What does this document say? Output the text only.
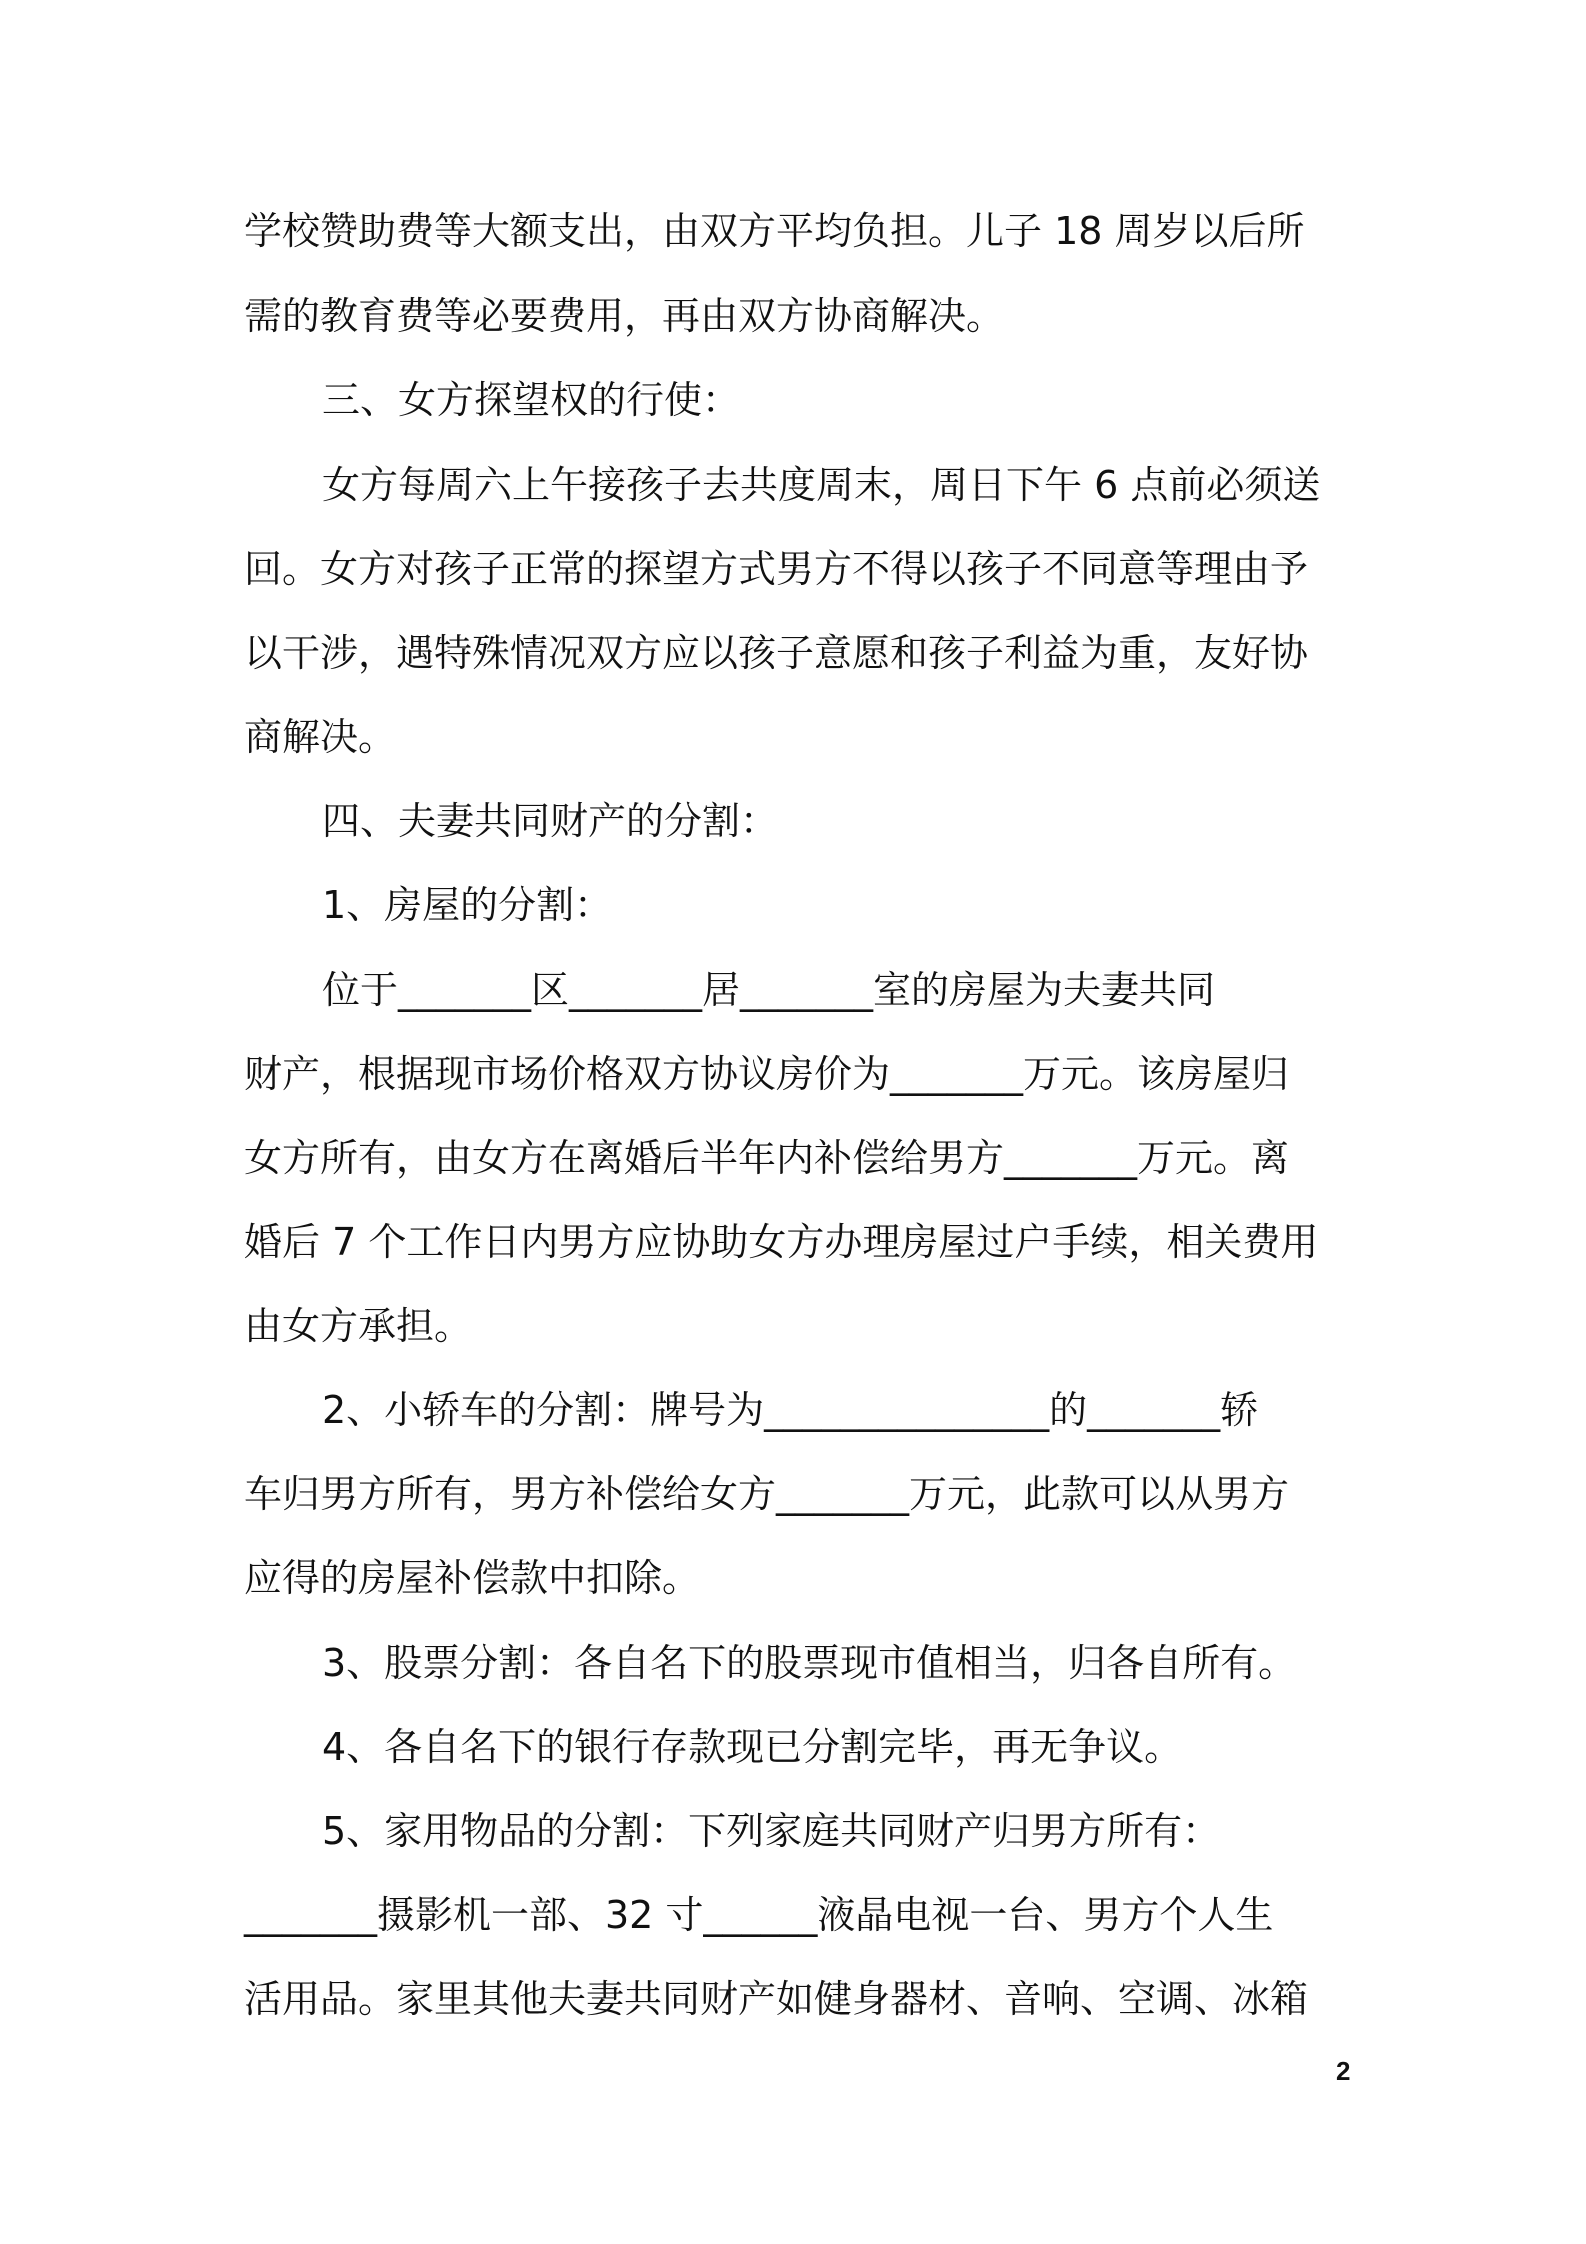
学校赞助费等大额支出，由双方平均负担。儿子 18 周岁以后所
需的教育费等必要费用，再由双方协商解决。
三、女方探望权的行使：
女方每周六上午接孩子去共度周末，周日下午 6 点前必须送
回。女方对孩子正常的探望方式男方不得以孩子不同意等理由予
以干涉，遇特殊情况双方应以孩子意愿和孩子利益为重，友好协
商解决。
四、夫妻共同财产的分割：
1、房屋的分割：
位于_______区_______居_______室的房屋为夫妻共同
财产，根据现市场价格双方协议房价为_______万元。该房屋归
女方所有，由女方在离婚后半年内补偿给男方_______万元。离
婚后 7 个工作日内男方应协助女方办理房屋过户手续，相关费用
由女方承担。
2、小轿车的分割：牌号为_______________的_______轿
车归男方所有，男方补偿给女方_______万元，此款可以从男方
应得的房屋补偿款中扣除。
3、股票分割：各自名下的股票现市值相当，归各自所有。
4、各自名下的银行存款现已分割完毕，再无争议。
5、家用物品的分割：下列家庭共同财产归男方所有：
_______摄影机一部、32 寸______液晶电视一台、男方个人生
活用品。家里其他夫妻共同财产如健身器材、音响、空调、冰箱
2
